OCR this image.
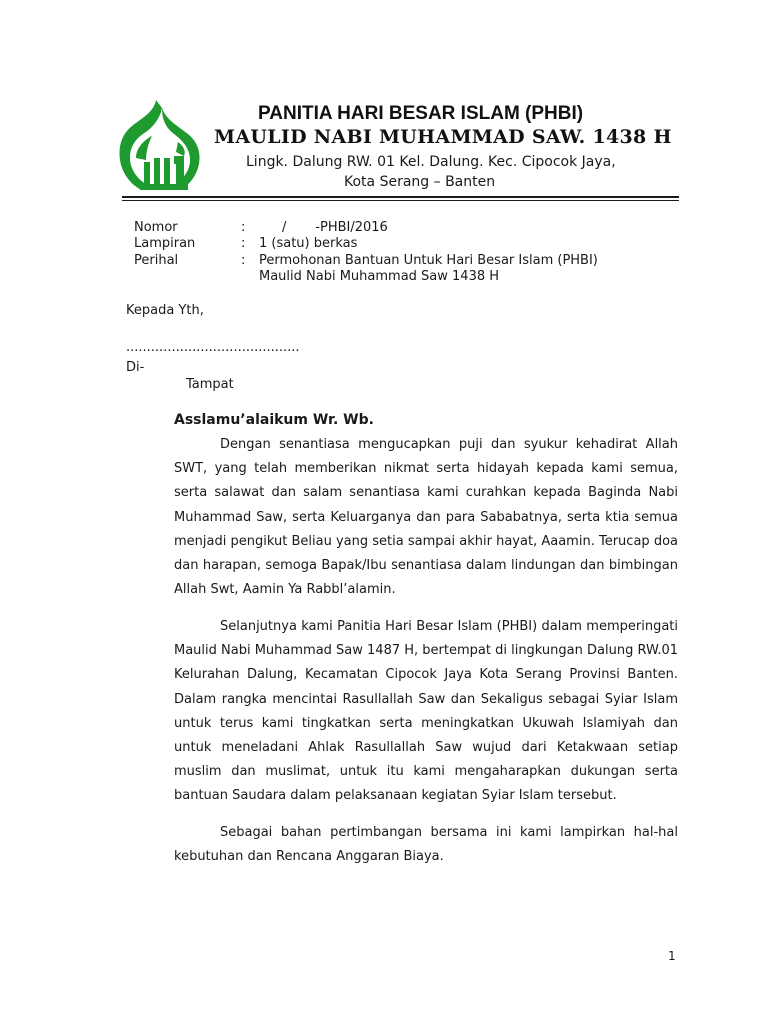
PANITIA HARI BESAR ISLAM (PHBI)
MAULID NABI MUHAMMAD SAW. 1438 H
Lingk. Dalung RW. 01 Kel. Dalung. Kec. Cipocok Jaya,
Kota Serang – Banten
Nomor	:	/       -PHBI/2016
Lampiran	: 1 (satu) berkas
Perihal	: Permohonan Bantuan Untuk Hari Besar Islam (PHBI)
Maulid Nabi Muhammad Saw 1438 H
Kepada Yth,
..........................................
Di-
Tampat
Asslamu’alaikum Wr. Wb.

Dengan senantiasa mengucapkan puji dan syukur kehadirat Allah SWT, yang telah memberikan nikmat serta hidayah kepada kami semua, serta salawat dan salam senantiasa kami curahkan kepada Baginda Nabi Muhammad Saw, serta Keluarganya dan para Sababatnya, serta ktia semua menjadi pengikut Beliau yang setia sampai akhir hayat, Aaamin. Terucap doa dan harapan, semoga Bapak/Ibu senantiasa dalam lindungan dan bimbingan Allah Swt, Aamin Ya Rabbl’alamin.

Selanjutnya kami Panitia Hari Besar Islam (PHBI) dalam memperingati Maulid Nabi Muhammad Saw 1487 H, bertempat di lingkungan Dalung RW.01 Kelurahan Dalung, Kecamatan Cipocok Jaya Kota Serang Provinsi Banten. Dalam rangka mencintai Rasullallah Saw dan Sekaligus sebagai Syiar Islam untuk terus kami tingkatkan serta meningkatkan Ukuwah Islamiyah dan untuk meneladani Ahlak Rasullallah Saw wujud dari Ketakwaan setiap muslim dan muslimat, untuk itu kami mengaharapkan dukungan serta bantuan Saudara dalam pelaksanaan kegiatan Syiar Islam tersebut.

Sebagai bahan pertimbangan bersama ini kami lampirkan hal-hal kebutuhan dan Rencana Anggaran Biaya.

1
